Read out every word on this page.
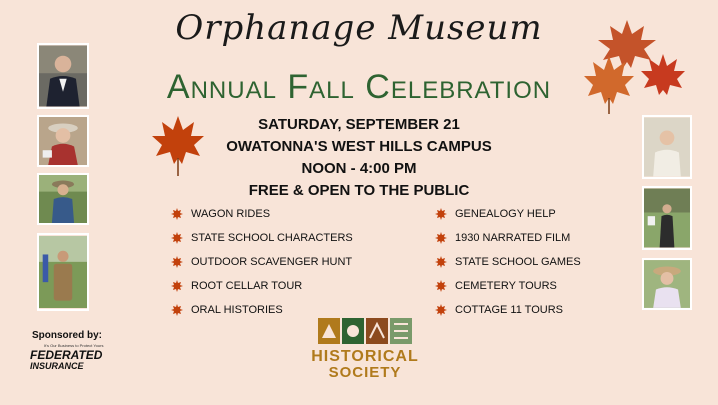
Orphanage Museum
Annual Fall Celebration
SATURDAY, SEPTEMBER 21
OWATONNA'S WEST HILLS CAMPUS
NOON - 4:00 PM
FREE & OPEN TO THE PUBLIC
WAGON RIDES
STATE SCHOOL CHARACTERS
OUTDOOR SCAVENGER HUNT
ROOT CELLAR TOUR
ORAL HISTORIES
GENEALOGY HELP
1930 NARRATED FILM
STATE SCHOOL GAMES
CEMETERY TOURS
COTTAGE 11 TOURS
Sponsored by:
It's Our Business to Protect Yours
FEDERATED
INSURANCE
HISTORICAL
SOCIETY
